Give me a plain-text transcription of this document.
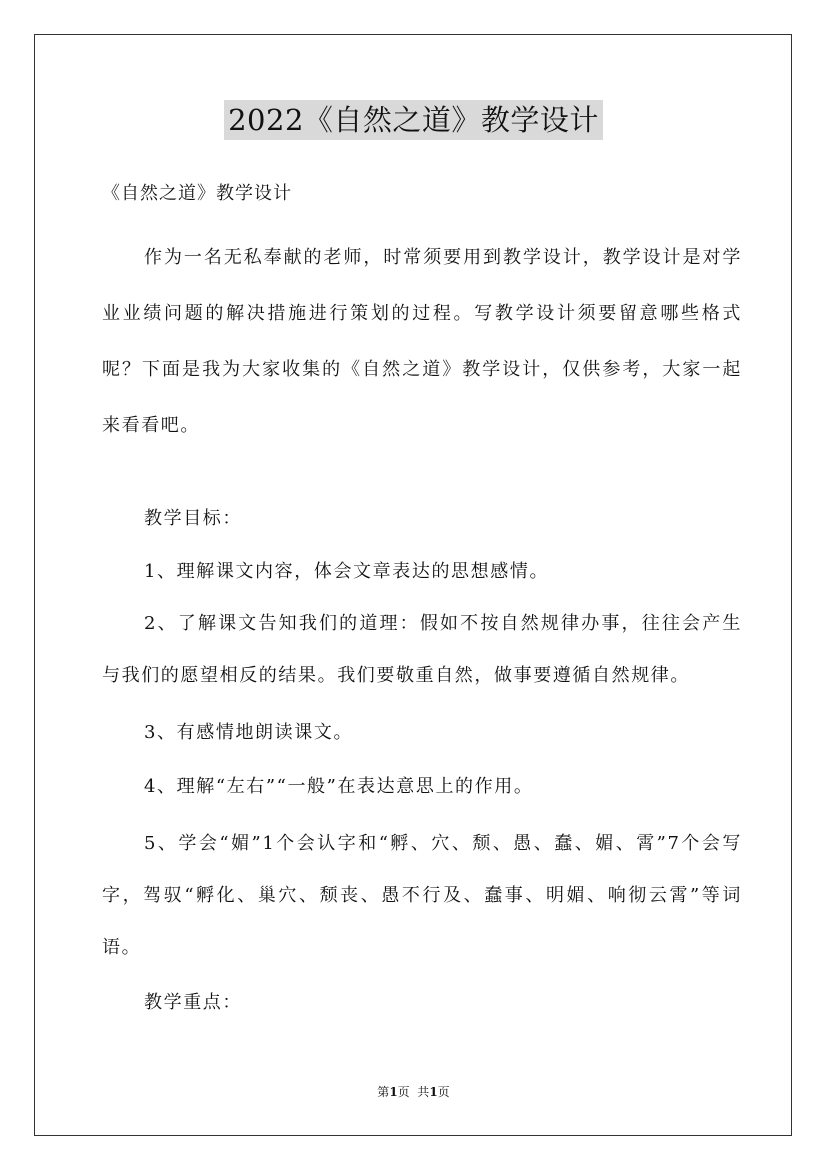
2022《自然之道》教学设计
《自然之道》教学设计
作为一名无私奉献的老师，时常须要用到教学设计，教学设计是对学业业绩问题的解决措施进行策划的过程。写教学设计须要留意哪些格式呢？下面是我为大家收集的《自然之道》教学设计，仅供参考，大家一起来看看吧。
教学目标：
1、理解课文内容，体会文章表达的思想感情。
2、了解课文告知我们的道理：假如不按自然规律办事，往往会产生与我们的愿望相反的结果。我们要敬重自然，做事要遵循自然规律。
3、有感情地朗读课文。
4、理解“左右”“一般”在表达意思上的作用。
5、学会“媚”1个会认字和“孵、穴、颓、愚、蠢、媚、霄”7个会写字，驾驭“孵化、巢穴、颓丧、愚不行及、蠢事、明媚、响彻云霄”等词语。
教学重点：
第1页  共1页
